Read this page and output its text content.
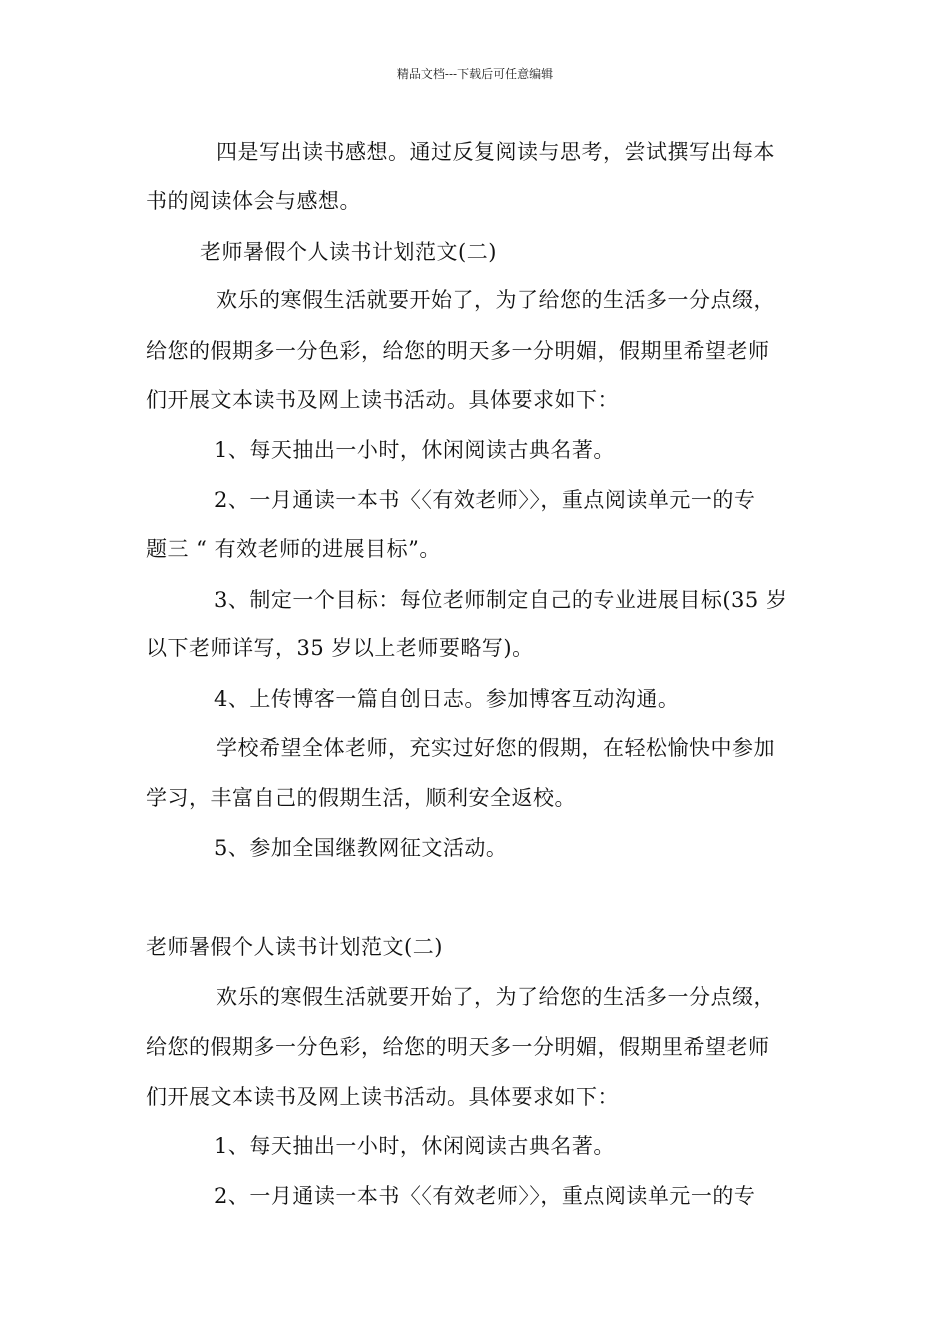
精品文档---下载后可任意编辑

四是写出读书感想。通过反复阅读与思考，尝试撰写出每本

书的阅读体会与感想。

老师暑假个人读书计划范文(二)

欢乐的寒假生活就要开始了，为了给您的生活多一分点缀，

给您的假期多一分色彩，给您的明天多一分明媚，假期里希望老师

们开展文本读书及网上读书活动。具体要求如下：

1、每天抽出一小时，休闲阅读古典名著。

2、一月通读一本书〈〈有效老师〉〉，重点阅读单元一的专

题三 “ 有效老师的进展目标”。

3、制定一个目标：每位老师制定自己的专业进展目标(35 岁

以下老师详写，35 岁以上老师要略写)。

4、上传博客一篇自创日志。参加博客互动沟通。

学校希望全体老师，充实过好您的假期，在轻松愉快中参加

学习，丰富自己的假期生活，顺利安全返校。

5、参加全国继教网征文活动。

老师暑假个人读书计划范文(二)

欢乐的寒假生活就要开始了，为了给您的生活多一分点缀，

给您的假期多一分色彩，给您的明天多一分明媚，假期里希望老师

们开展文本读书及网上读书活动。具体要求如下：

1、每天抽出一小时，休闲阅读古典名著。

2、一月通读一本书〈〈有效老师〉〉，重点阅读单元一的专
